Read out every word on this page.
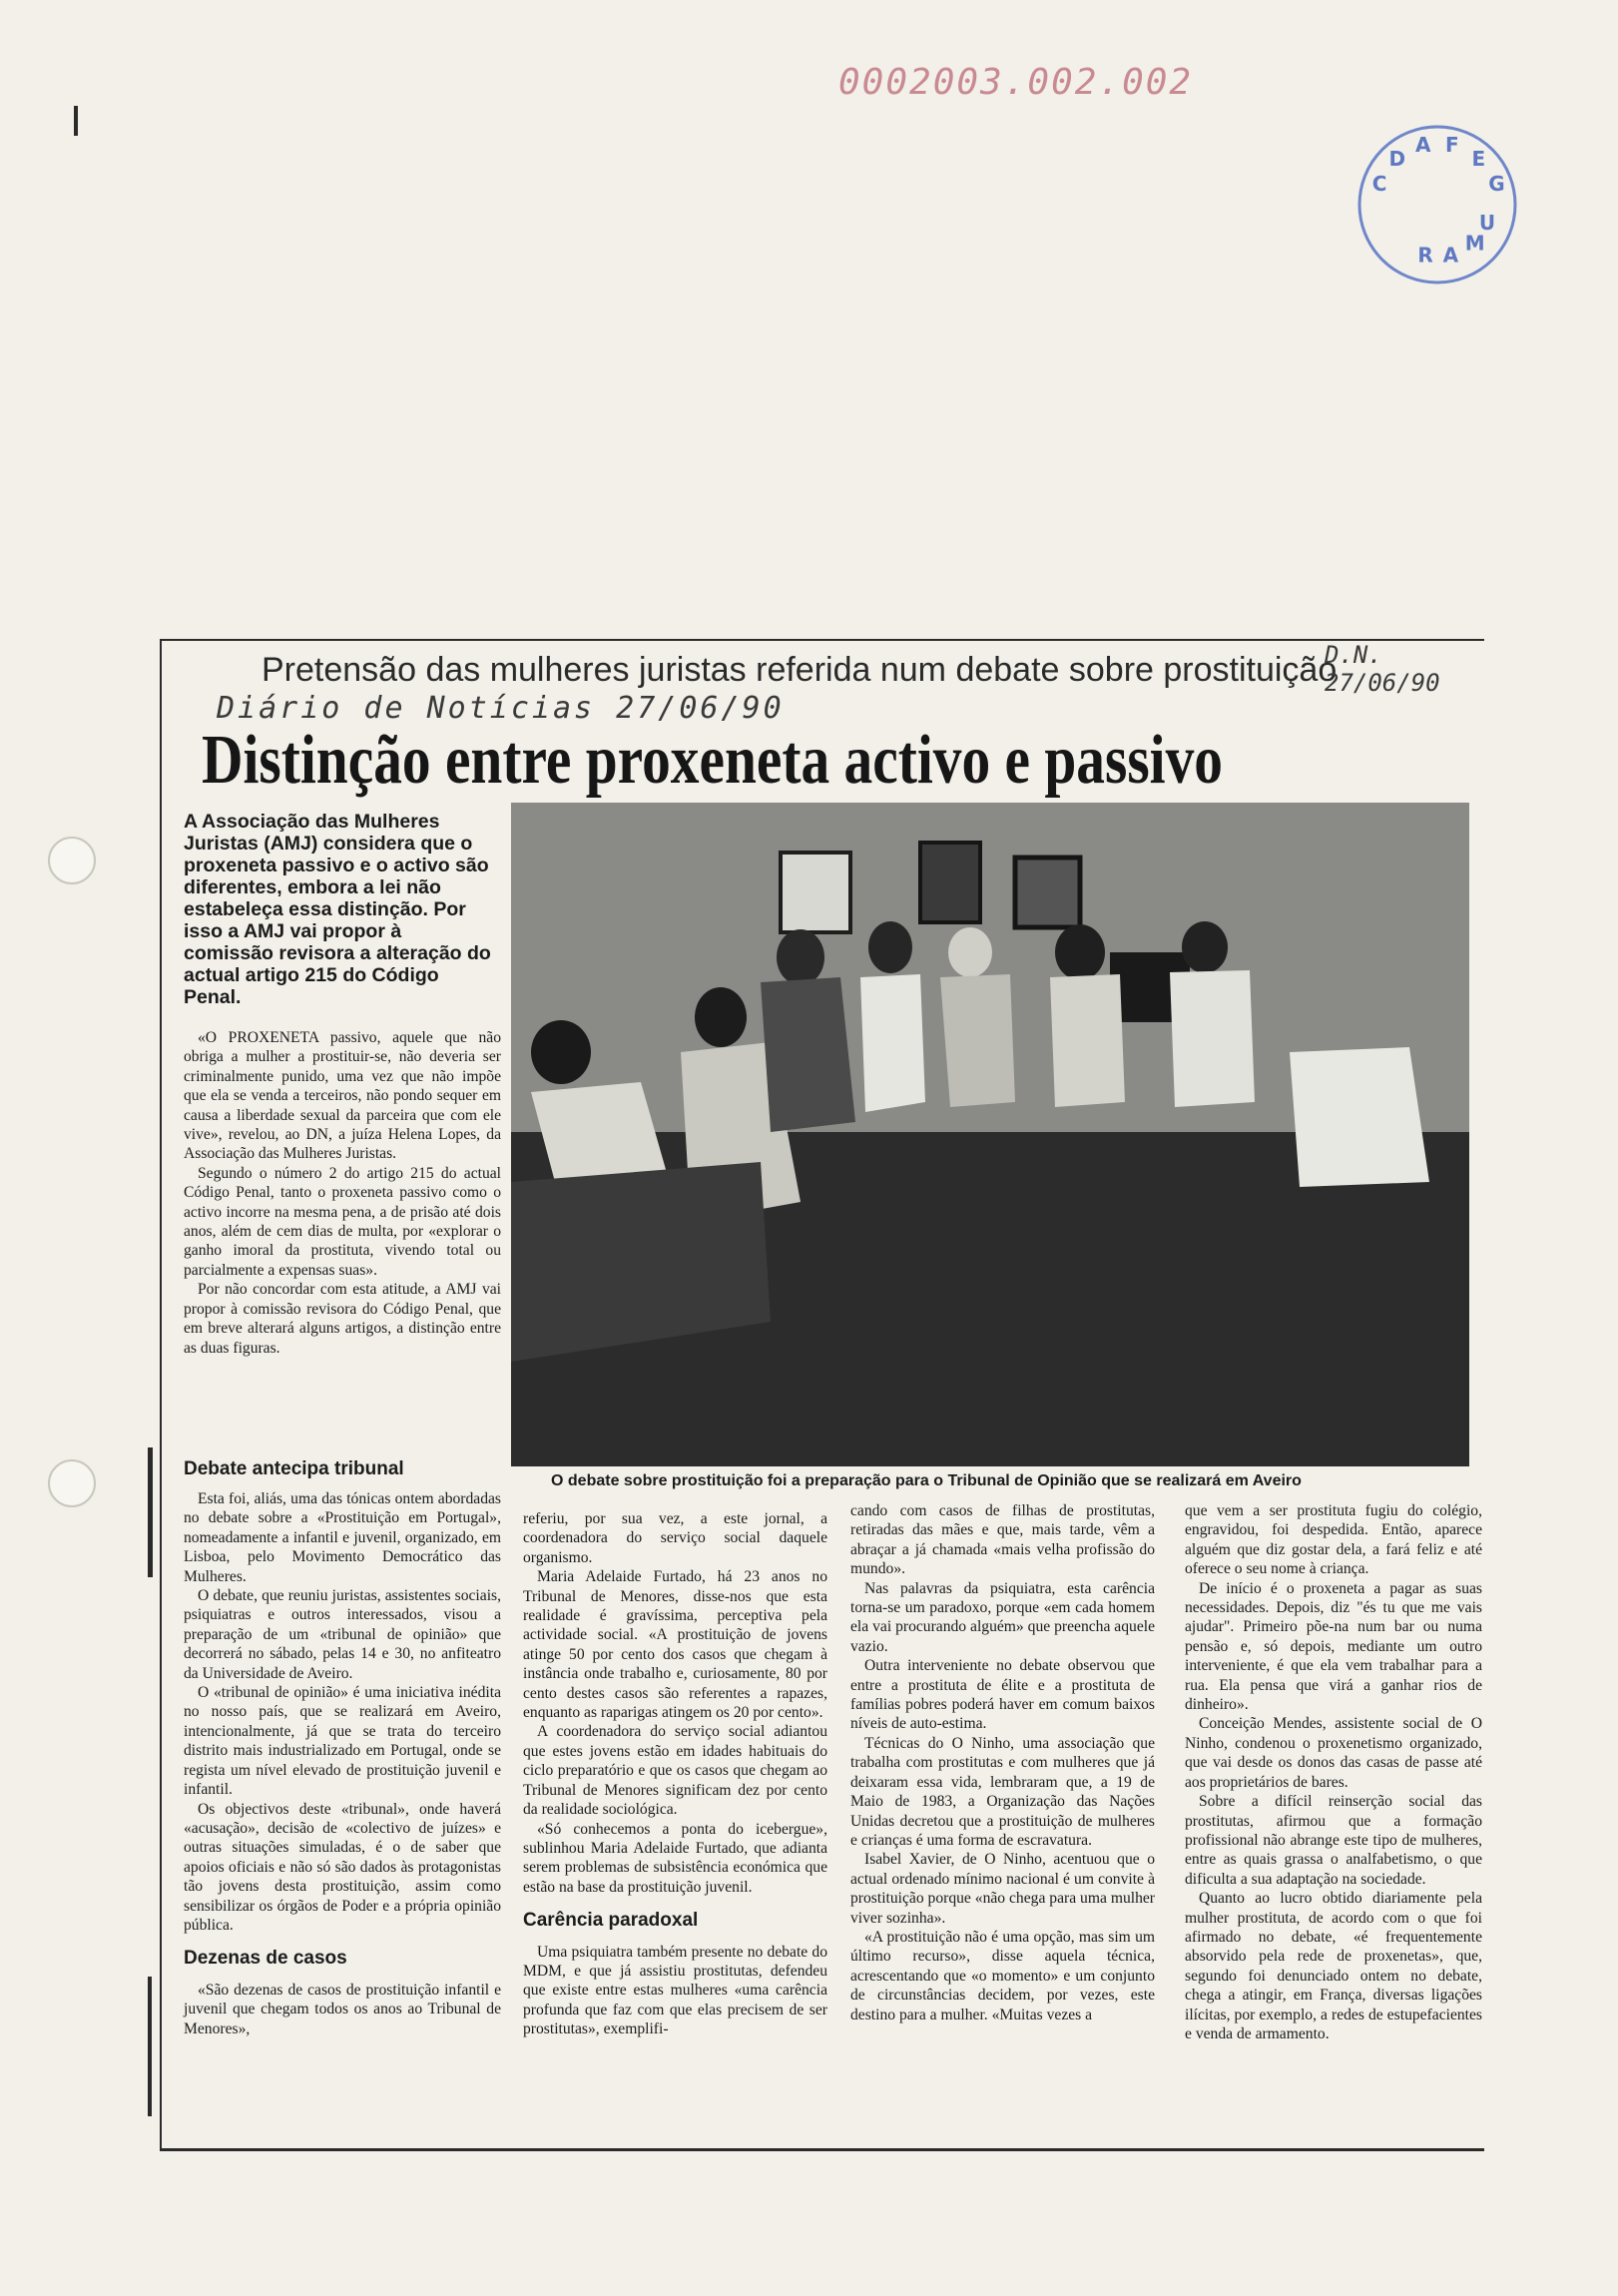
0002003.002.002
C
D
A F
E
G
U
M
A
R
Pretensão das mulheres juristas referida num debate sobre prostituição
Diário de Notícias 27/06/90
D.N. 27/06/90
Distinção entre proxeneta activo e passivo
A Associação das Mulheres Juristas (AMJ) considera que o proxeneta passivo e o activo são diferentes, embora a lei não estabeleça essa distinção. Por isso a AMJ vai propor à comissão revisora a alteração do actual artigo 215 do Código Penal.

«O PROXENETA passivo, aquele que não obriga a mulher a prostituir-se, não deveria ser criminalmente punido, uma vez que não impõe que ela se venda a terceiros, não pondo sequer em causa a liberdade sexual da parceira que com ele vive», revelou, ao DN, a juíza Helena Lopes, da Associação das Mulheres Juristas.

Segundo o número 2 do artigo 215 do actual Código Penal, tanto o proxeneta passivo como o activo incorre na mesma pena, a de prisão até dois anos, além de cem dias de multa, por «explorar o ganho imoral da prostituta, vivendo total ou parcialmente a expensas suas».

Por não concordar com esta atitude, a AMJ vai propor à comissão revisora do Código Penal, que em breve alterará alguns artigos, a distinção entre as duas figuras.

Debate antecipa tribunal

Esta foi, aliás, uma das tónicas ontem abordadas no debate sobre a «Prostituição em Portugal», nomeadamente a infantil e juvenil, organizado, em Lisboa, pelo Movimento Democrático das Mulheres.

O debate, que reuniu juristas, assistentes sociais, psiquiatras e outros interessados, visou a preparação de um «tribunal de opinião» que decorrerá no sábado, pelas 14 e 30, no anfiteatro da Universidade de Aveiro.

O «tribunal de opinião» é uma iniciativa inédita no nosso país, que se realizará em Aveiro, intencionalmente, já que se trata do terceiro distrito mais industrializado em Portugal, onde se regista um nível elevado de prostituição juvenil e infantil.

Os objectivos deste «tribunal», onde haverá «acusação», decisão de «colectivo de juízes» e outras situações simuladas, é o de saber que apoios oficiais e não só são dados às protagonistas tão jovens desta prostituição, assim como sensibilizar os órgãos de Poder e a própria opinião pública.

Dezenas de casos

«São dezenas de casos de prostituição infantil e juvenil que chegam todos os anos ao Tribunal de Menores»,

O debate sobre prostituição foi a preparação para o Tribunal de Opinião que se realizará em Aveiro

referiu, por sua vez, a este jornal, a coordenadora do serviço social daquele organismo.

Maria Adelaide Furtado, há 23 anos no Tribunal de Menores, disse-nos que esta realidade é gravíssima, perceptiva pela actividade social. «A prostituição de jovens atinge 50 por cento dos casos que chegam à instância onde trabalho e, curiosamente, 80 por cento destes casos são referentes a rapazes, enquanto as raparigas atingem os 20 por cento».

A coordenadora do serviço social adiantou que estes jovens estão em idades habituais do ciclo preparatório e que os casos que chegam ao Tribunal de Menores significam dez por cento da realidade sociológica.

«Só conhecemos a ponta do icebergue», sublinhou Maria Adelaide Furtado, que adianta serem problemas de subsistência económica que estão na base da prostituição juvenil.

Carência paradoxal

Uma psiquiatra também presente no debate do MDM, e que já assistiu prostitutas, defendeu que existe entre estas mulheres «uma carência profunda que faz com que elas precisem de ser prostitutas», exemplifi-

cando com casos de filhas de prostitutas, retiradas das mães e que, mais tarde, vêm a abraçar a já chamada «mais velha profissão do mundo».

Nas palavras da psiquiatra, esta carência torna-se um paradoxo, porque «em cada homem ela vai procurando alguém» que preencha aquele vazio.

Outra interveniente no debate observou que entre a prostituta de élite e a prostituta de famílias pobres poderá haver em comum baixos níveis de auto-estima.

Técnicas do O Ninho, uma associação que trabalha com prostitutas e com mulheres que já deixaram essa vida, lembraram que, a 19 de Maio de 1983, a Organização das Nações Unidas decretou que a prostituição de mulheres e crianças é uma forma de escravatura.

Isabel Xavier, de O Ninho, acentuou que o actual ordenado mínimo nacional é um convite à prostituição porque «não chega para uma mulher viver sozinha».

«A prostituição não é uma opção, mas sim um último recurso», disse aquela técnica, acrescentando que «o momento» e um conjunto de circunstâncias decidem, por vezes, este destino para a mulher. «Muitas vezes a

que vem a ser prostituta fugiu do colégio, engravidou, foi despedida. Então, aparece alguém que diz gostar dela, a fará feliz e até oferece o seu nome à criança.

De início é o proxeneta a pagar as suas necessidades. Depois, diz "és tu que me vais ajudar". Primeiro põe-na num bar ou numa pensão e, só depois, mediante um outro interveniente, é que ela vem trabalhar para a rua. Ela pensa que virá a ganhar rios de dinheiro».

Conceição Mendes, assistente social de O Ninho, condenou o proxenetismo organizado, que vai desde os donos das casas de passe até aos proprietários de bares.

Sobre a difícil reinserção social das prostitutas, afirmou que a formação profissional não abrange este tipo de mulheres, entre as quais grassa o analfabetismo, o que dificulta a sua adaptação na sociedade.

Quanto ao lucro obtido diariamente pela mulher prostituta, de acordo com o que foi afirmado no debate, «é frequentemente absorvido pela rede de proxenetas», que, segundo foi denunciado ontem no debate, chega a atingir, em França, diversas ligações ilícitas, por exemplo, a redes de estupefacientes e venda de armamento.
